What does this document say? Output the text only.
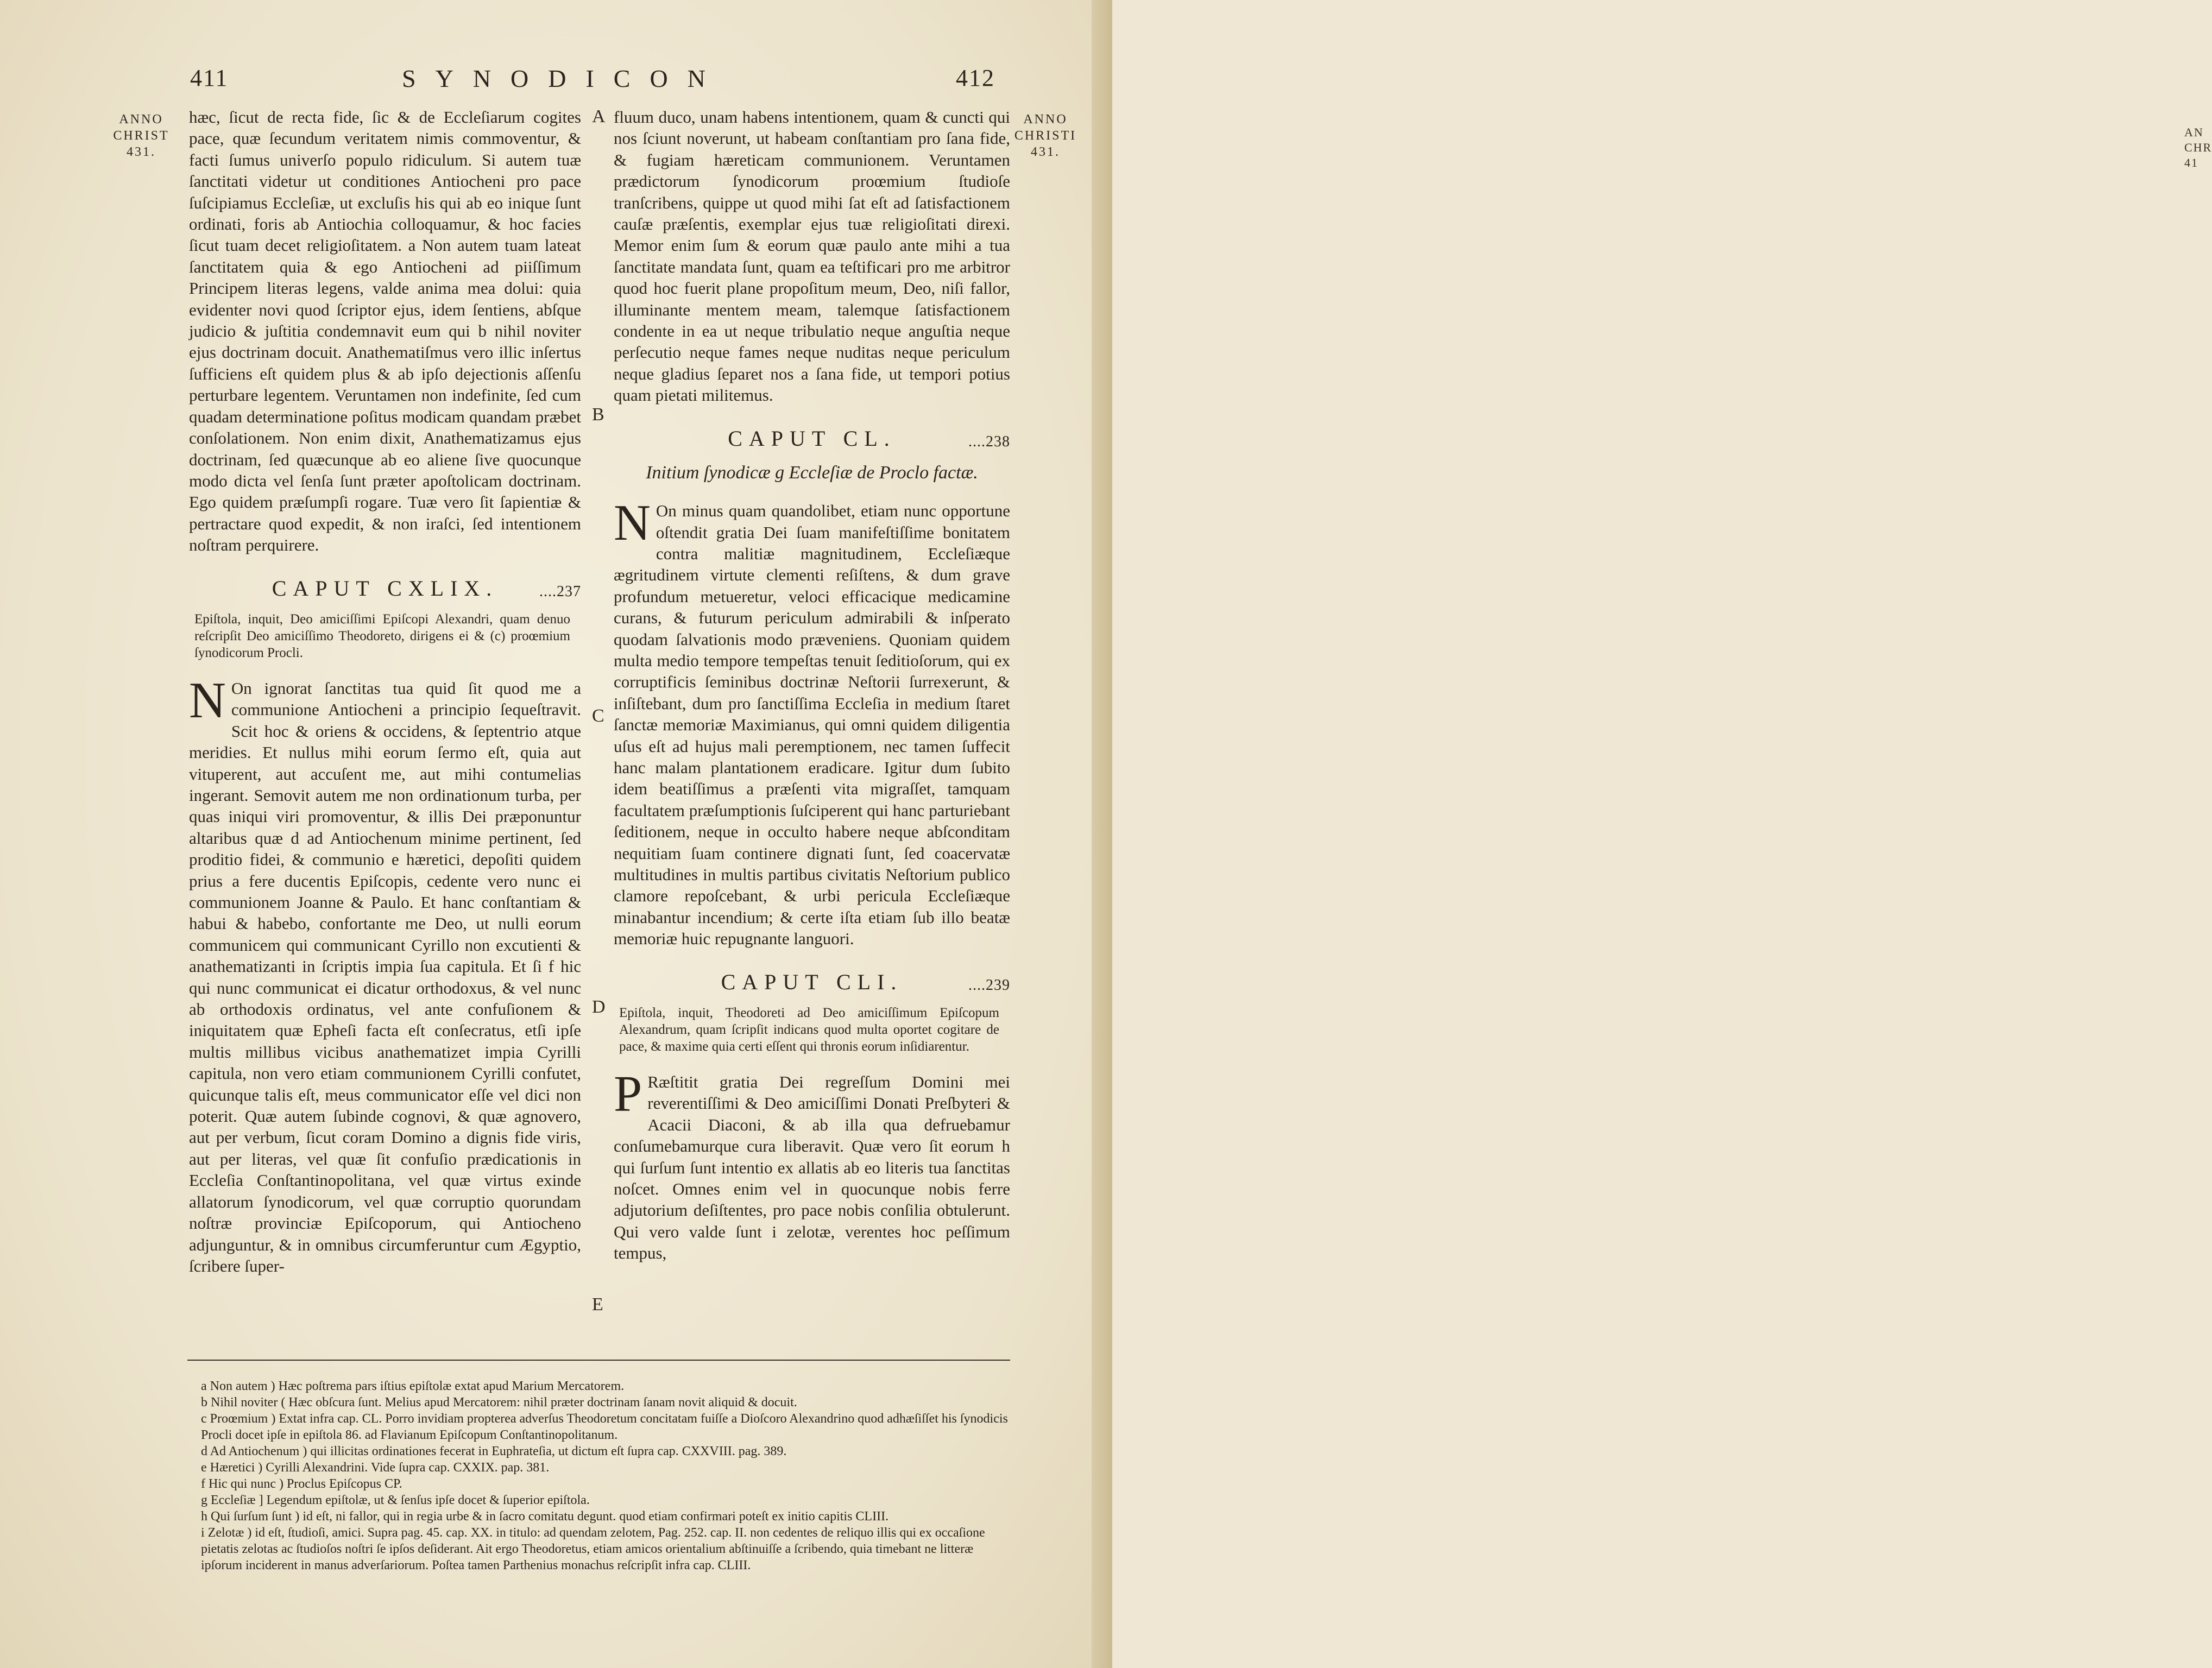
AN
CHR
41
411	SYNODICON	412
ANNO
CHRIST
431.
ANNO
CHRISTI
431.
A
B
C
D
E

hæc, ſicut de recta fide, ſic & de Eccleſiarum cogites pace, quæ ſecundum veritatem nimis commoventur, & facti ſumus univerſo populo ridiculum. Si autem tuæ ſanctitati videtur ut conditiones Antiocheni pro pace ſuſcipiamus Eccleſiæ, ut excluſis his qui ab eo inique ſunt ordinati, foris ab Antiochia colloquamur, & hoc facies ſicut tuam decet religioſitatem. a Non autem tuam lateat ſanctitatem quia & ego Antiocheni ad piiſſimum Principem literas legens, valde anima mea dolui: quia evidenter novi quod ſcriptor ejus, idem ſentiens, abſque judicio & juſtitia condemnavit eum qui b nihil noviter ejus doctrinam docuit. Anathematiſmus vero illic inſertus ſufficiens eſt quidem plus & ab ipſo dejectionis aſſenſu perturbare legentem. Veruntamen non indefinite, ſed cum quadam determinatione poſitus modicam quandam præbet conſolationem. Non enim dixit, Anathematizamus ejus doctrinam, ſed quæcunque ab eo aliene ſive quocunque modo dicta vel ſenſa ſunt præter apoſtolicam doctrinam. Ego quidem præſumpſi rogare. Tuæ vero ſit ſapientiæ & pertractare quod expedit, & non iraſci, ſed intentionem noſtram perquirere.

CAPUT CXLIX.	....237
Epiſtola, inquit, Deo amiciſſimi Epiſcopi Alexandri, quam denuo reſcripſit Deo amiciſſimo Theodoreto, dirigens ei & (c) proœmium ſynodicorum Procli.

N On ignorat ſanctitas tua quid ſit quod me a communione Antiocheni a principio ſequeſtravit. Scit hoc & oriens & occidens, & ſeptentrio atque meridies. Et nullus mihi eorum ſermo eſt, quia aut vituperent, aut accuſent me, aut mihi contumelias ingerant. Semovit autem me non ordinationum turba, per quas iniqui viri promoventur, & illis Dei præponuntur altaribus quæ d ad Antiochenum minime pertinent, ſed proditio fidei, & communio e hæretici, depoſiti quidem prius a fere ducentis Epiſcopis, cedente vero nunc ei communionem Joanne & Paulo. Et hanc conſtantiam & habui & habebo, confortante me Deo, ut nulli eorum communicem qui communicant Cyrillo non excutienti & anathematizanti in ſcriptis impia ſua capitula. Et ſi f hic qui nunc communicat ei dicatur orthodoxus, & vel nunc ab orthodoxis ordinatus, vel ante confuſionem & iniquitatem quæ Epheſi facta eſt conſecratus, etſi ipſe multis millibus vicibus anathematizet impia Cyrilli capitula, non vero etiam communionem Cyrilli confutet, quicunque talis eſt, meus communicator eſſe vel dici non poterit. Quæ autem ſubinde cognovi, & quæ agnovero, aut per verbum, ſicut coram Domino a dignis fide viris, aut per literas, vel quæ ſit confuſio prædicationis in Eccleſia Conſtantinopolitana, vel quæ virtus exinde allatorum ſynodicorum, vel quæ corruptio quorundam noſtræ provinciæ Epiſcoporum, qui Antiocheno adjunguntur, & in omnibus circumferuntur cum Ægyptio, ſcribere ſuper-

fluum duco, unam habens intentionem, quam & cuncti qui nos ſciunt noverunt, ut habeam conſtantiam pro ſana fide, & fugiam hæreticam communionem. Veruntamen prædictorum ſynodicorum proœmium ſtudioſe tranſcribens, quippe ut quod mihi ſat eſt ad ſatisfactionem cauſæ præſentis, exemplar ejus tuæ religioſitati direxi. Memor enim ſum & eorum quæ paulo ante mihi a tua ſanctitate mandata ſunt, quam ea teſtificari pro me arbitror quod hoc fuerit plane propoſitum meum, Deo, niſi fallor, illuminante mentem meam, talemque ſatisfactionem condente in ea ut neque tribulatio neque anguſtia neque perſecutio neque fames neque nuditas neque periculum neque gladius ſeparet nos a ſana fide, ut tempori potius quam pietati militemus.

CAPUT CL.	....238
Initium ſynodicæ g Eccleſiæ de Proclo factæ.

N On minus quam quandolibet, etiam nunc opportune oſtendit gratia Dei ſuam manifeſtiſſime bonitatem contra malitiæ magnitudinem, Eccleſiæque ægritudinem virtute clementi reſiſtens, & dum grave profundum metueretur, veloci efficacique medicamine curans, & futurum periculum admirabili & inſperato quodam ſalvationis modo præveniens. Quoniam quidem multa medio tempore tempeſtas tenuit ſeditioſorum, qui ex corruptificis ſeminibus doctrinæ Neſtorii ſurrexerunt, & inſiſtebant, dum pro ſanctiſſima Eccleſia in medium ſtaret ſanctæ memoriæ Maximianus, qui omni quidem diligentia uſus eſt ad hujus mali peremptionem, nec tamen ſuffecit hanc malam plantationem eradicare. Igitur dum ſubito idem beatiſſimus a præſenti vita migraſſet, tamquam facultatem præſumptionis ſuſciperent qui hanc parturiebant ſeditionem, neque in occulto habere neque abſconditam nequitiam ſuam continere dignati ſunt, ſed coacervatæ multitudines in multis partibus civitatis Neſtorium publico clamore repoſcebant, & urbi pericula Eccleſiæque minabantur incendium; & certe iſta etiam ſub illo beatæ memoriæ huic repugnante languori.

CAPUT CLI.	....239
Epiſtola, inquit, Theodoreti ad Deo amiciſſimum Epiſcopum Alexandrum, quam ſcripſit indicans quod multa oportet cogitare de pace, & maxime quia certi eſſent qui thronis eorum inſidiarentur.

P Ræſtitit gratia Dei regreſſum Domini mei reverentiſſimi & Deo amiciſſimi Donati Preſbyteri & Acacii Diaconi, & ab illa qua defruebamur conſumebamurque cura liberavit. Quæ vero ſit eorum h qui ſurſum ſunt intentio ex allatis ab eo literis tua ſanctitas noſcet. Omnes enim vel in quocunque nobis ferre adjutorium deſiſtentes, pro pace nobis conſilia obtulerunt. Qui vero valde ſunt i zelotæ, verentes hoc peſſimum tempus,

a Non autem ) Hæc poſtrema pars iſtius epiſtolæ extat apud Marium Mercatorem.
b Nihil noviter ( Hæc obſcura ſunt. Melius apud Mercatorem: nihil præter doctrinam ſanam novit aliquid & docuit.
c Proœmium ) Extat infra cap. CL. Porro invidiam propterea adverſus Theodoretum concitatam fuiſſe a Dioſcoro Alexandrino quod adhæſiſſet his ſynodicis Procli docet ipſe in epiſtola 86. ad Flavianum Epiſcopum Conſtantinopolitanum.
d Ad Antiochenum ) qui illicitas ordinationes fecerat in Euphrateſia, ut dictum eſt ſupra cap. CXXVIII. pag. 389.
e Hæretici ) Cyrilli Alexandrini. Vide ſupra cap. CXXIX. pap. 381.
f Hic qui nunc ) Proclus Epiſcopus CP.
g Eccleſiæ ] Legendum epiſtolæ, ut & ſenſus ipſe docet & ſuperior epiſtola.
h Qui ſurſum ſunt ) id eſt, ni fallor, qui in regia urbe & in ſacro comitatu degunt. quod etiam confirmari poteſt ex initio capitis CLIII.
i Zelotæ ) id eſt, ſtudioſi, amici. Supra pag. 45. cap. XX. in titulo: ad quendam zelotem, Pag. 252. cap. II. non cedentes de reliquo illis qui ex occaſione pietatis zelotas ac ſtudioſos noſtri ſe ipſos deſiderant. Ait ergo Theodoretus, etiam amicos orientalium abſtinuiſſe a ſcribendo, quia timebant ne litteræ ipſorum inciderent in manus adverſariorum. Poſtea tamen Parthenius monachus reſcripſit infra cap. CLIII.
